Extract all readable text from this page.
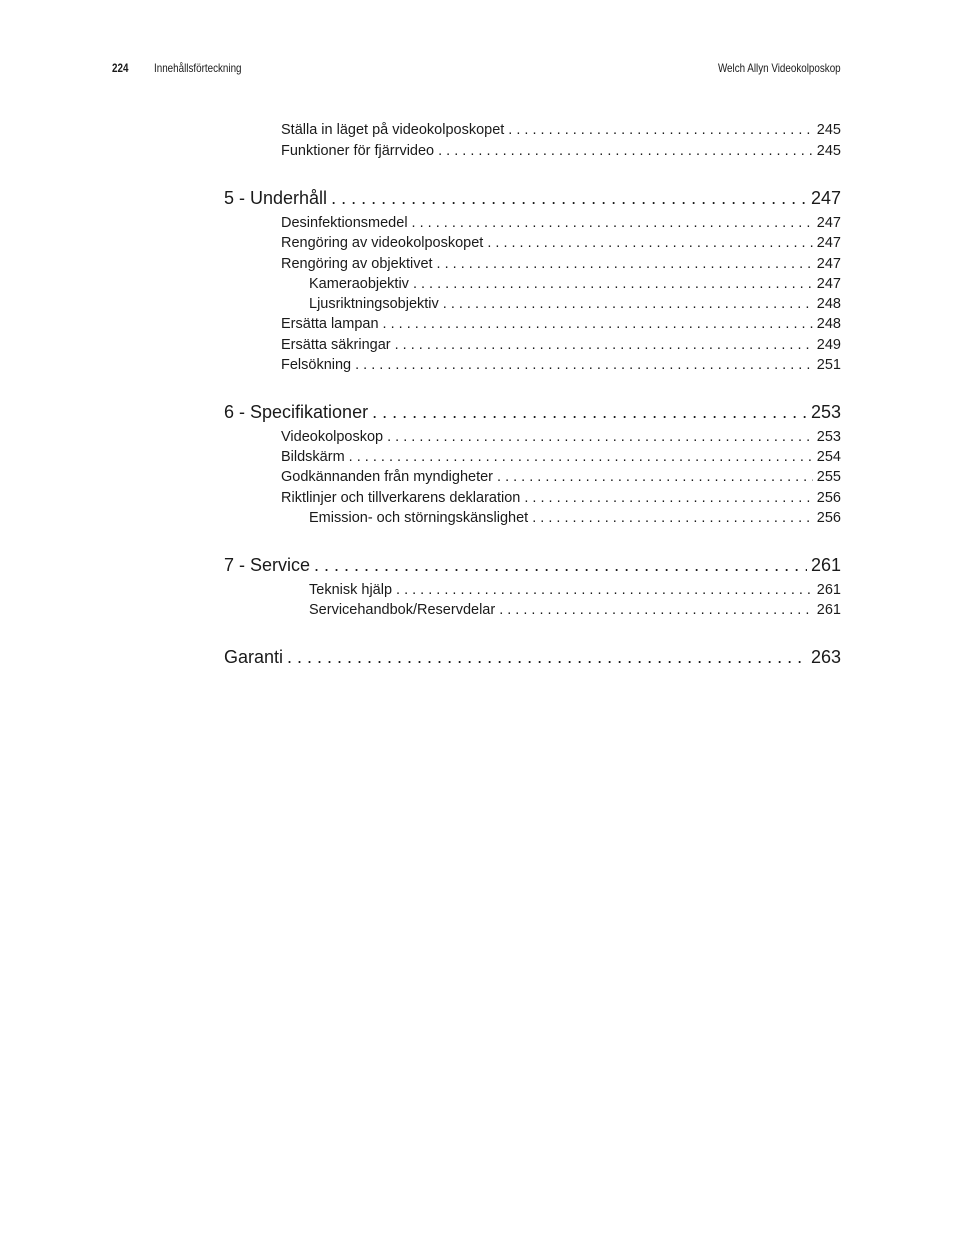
224 Innehållsförteckning	Welch Allyn Videokolposkop
Ställa in läget på videokolposkopet . . .	245
Funktioner för fjärrvideo . . .	245
5 - Underhåll . . .	247
Desinfektionsmedel . . .	247
Rengöring av videokolposkopet . . .	247
Rengöring av objektivet . . .	247
Kameraobjektiv . . .	247
Ljusriktningsobjektiv . . .	248
Ersätta lampan . . .	248
Ersätta säkringar . . .	249
Felsökning . . .	251
6 - Specifikationer . . .	253
Videokolposkop . . .	253
Bildskärm . . .	254
Godkännanden från myndigheter . . .	255
Riktlinjer och tillverkarens deklaration . . .	256
Emission- och störningskänslighet . . .	256
7 - Service . . .	261
Teknisk hjälp . . .	261
Servicehandbok/Reservdelar . . .	261
Garanti . . .	263
